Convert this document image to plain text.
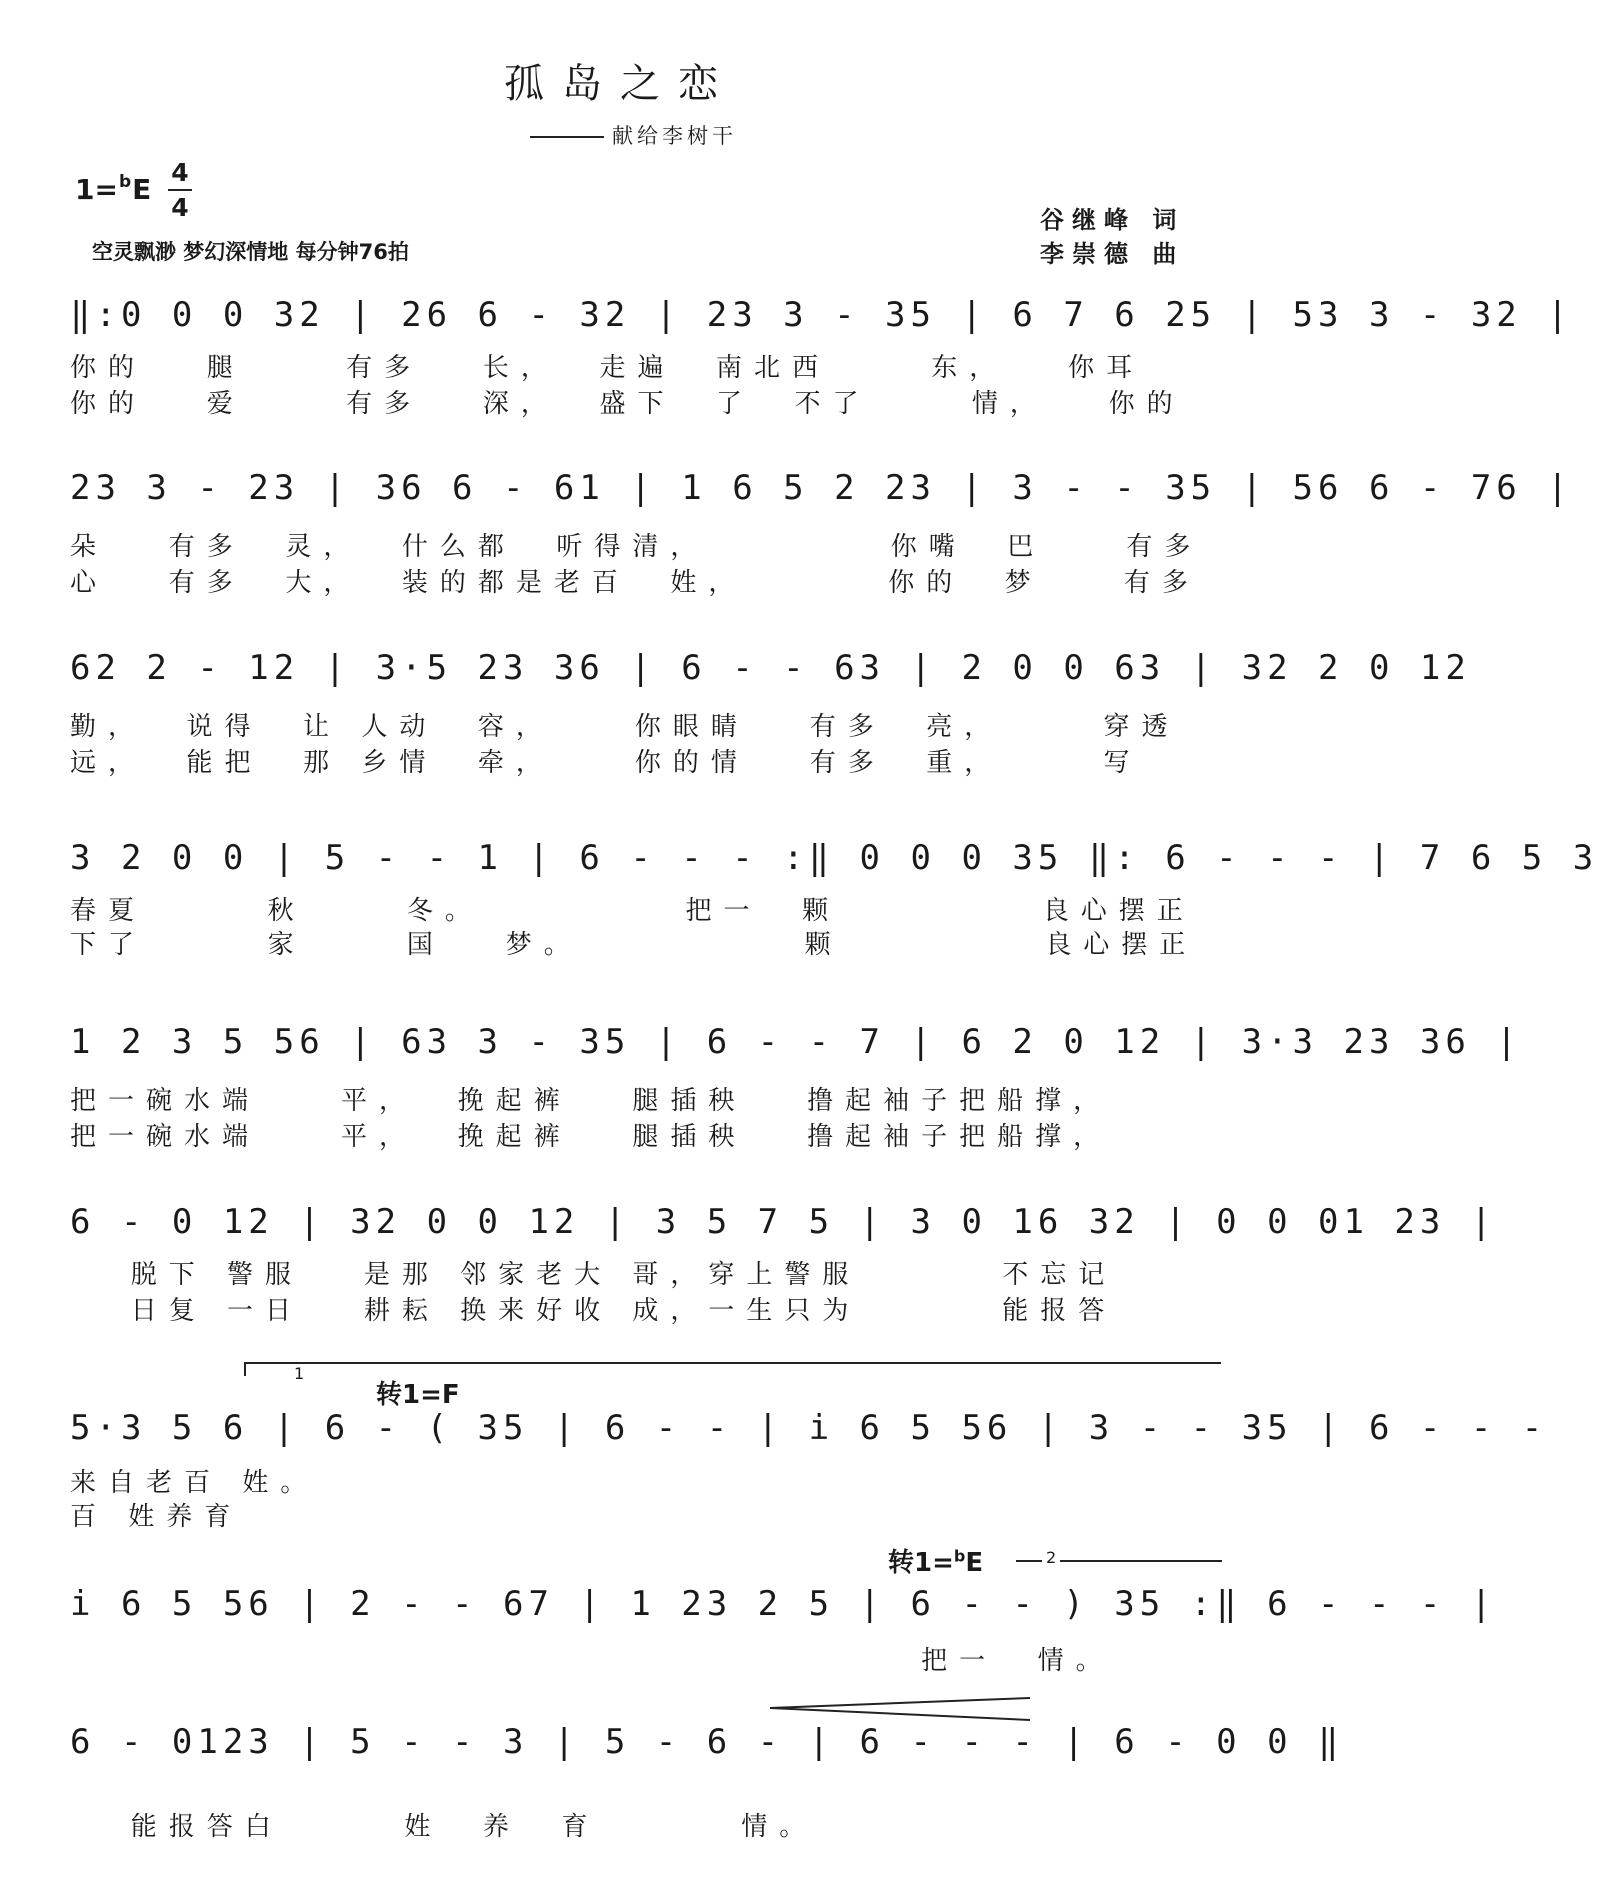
孤岛之恋
献给李树干
1=$^b$E
4
4
空灵飘渺 梦幻深情地 每分钟76拍
谷继峰 词
李崇德 曲
‖:0 0 0 32 | 26 6 - 32 | 23 3 - 35 | 6 7 6 25 | 53 3 - 32 |
你的   腿     有多   长，  走遍  南北西     东，   你耳
你的   爱     有多   深，  盛下  了  不了     情，   你的
23 3 - 23 | 36 6 - 61 | 1 6 5 2 23 | 3 - - 35 | 56 6 - 76 |
朵   有多  灵，  什么都  听得清，         你嘴  巴    有多
心   有多  大，  装的都是老百  姓，       你的  梦    有多
62 2 - 12 | 3·5 23 36 | 6 - - 63 | 2 0 0 63 | 32 2 0 12
勤，  说得  让 人动  容，    你眼睛   有多  亮，     穿透
远，  能把  那 乡情  牵，    你的情   有多  重，     写
3 2 0 0 | 5 - - 1 | 6 - - - :‖ 0 0 0 35 ‖: 6 - - - | 7 6 5 3
春夏      秋     冬。          把一  颗          良心摆正
下了      家     国   梦。           颗          良心摆正
1 2 3 5 56 | 63 3 - 35 | 6 - - 7 | 6 2 0 12 | 3·3 23 36 |
把一碗水端    平，  挽起裤   腿插秧   撸起袖子把船撑，
把一碗水端    平，  挽起裤   腿插秧   撸起袖子把船撑，
6 - 0 12 | 32 0 0 12 | 3 5 7 5 | 3 0 16 32 | 0 0 01 23 |
脱下 警服   是那 邻家老大 哥，穿上警服       不忘记
日复 一日   耕耘 换来好收 成，一生只为       能报答
1
转1=F
5·3 5 6 | 6 - ( 35 | 6 - - | i 6 5 56 | 3 - - 35 | 6 - - -
来自老百 姓。
百 姓养育
转1=$^b$E	2
i 6 5 56 | 2 - - 67 | 1 23 2 5 | 6 - - ) 35 :‖ 6 - - - |
把一  情。
6 - 0123 | 5 - - 3 | 5 - 6 - | 6 - - - | 6 - 0 0 ‖
能报答白      姓  养  育       情。
